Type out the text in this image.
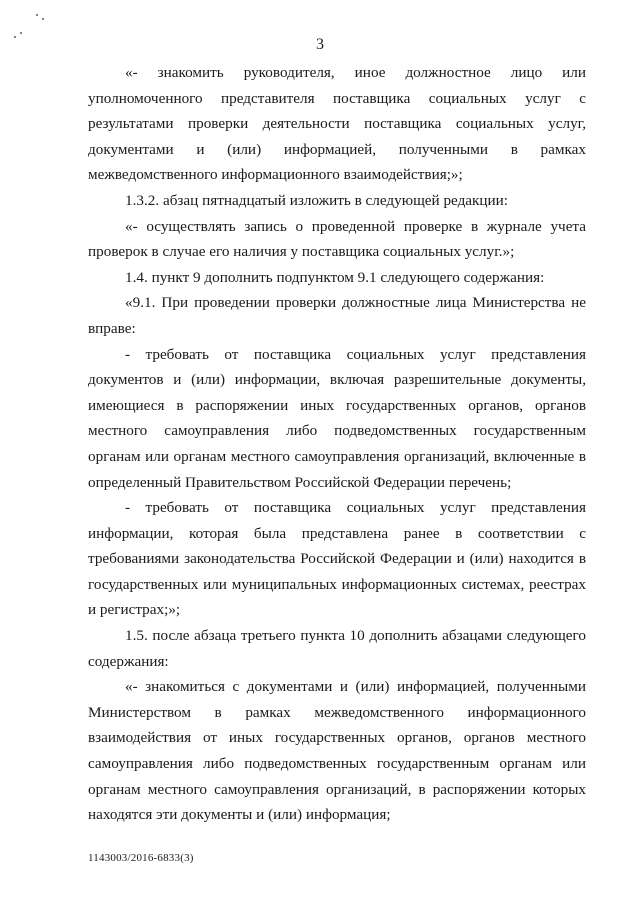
3

«- знакомить руководителя, иное должностное лицо или уполномоченного представителя поставщика социальных услуг с результатами проверки деятельности поставщика социальных услуг, документами и (или) информацией, полученными в рамках межведомственного информационного взаимодействия;»;

1.3.2. абзац пятнадцатый изложить в следующей редакции:

«- осуществлять запись о проведенной проверке в журнале учета проверок в случае его наличия у поставщика социальных услуг.»;

1.4. пункт 9 дополнить подпунктом 9.1 следующего содержания:

«9.1. При проведении проверки должностные лица Министерства не вправе:

- требовать от поставщика социальных услуг представления документов и (или) информации, включая разрешительные документы, имеющиеся в распоряжении иных государственных органов, органов местного самоуправления либо подведомственных государственным органам или органам местного самоуправления организаций, включенные в определенный Правительством Российской Федерации перечень;

- требовать от поставщика социальных услуг представления информации, которая была представлена ранее в соответствии с требованиями законодательства Российской Федерации и (или) находится в государственных или муниципальных информационных системах, реестрах и регистрах;»;

1.5. после абзаца третьего пункта 10 дополнить абзацами следующего содержания:

«- знакомиться с документами и (или) информацией, полученными Министерством в рамках межведомственного информационного взаимодействия от иных государственных органов, органов местного самоуправления либо подведомственных государственным органам или органам местного самоуправления организаций, в распоряжении которых находятся эти документы и (или) информация;

1143003/2016-6833(3)
